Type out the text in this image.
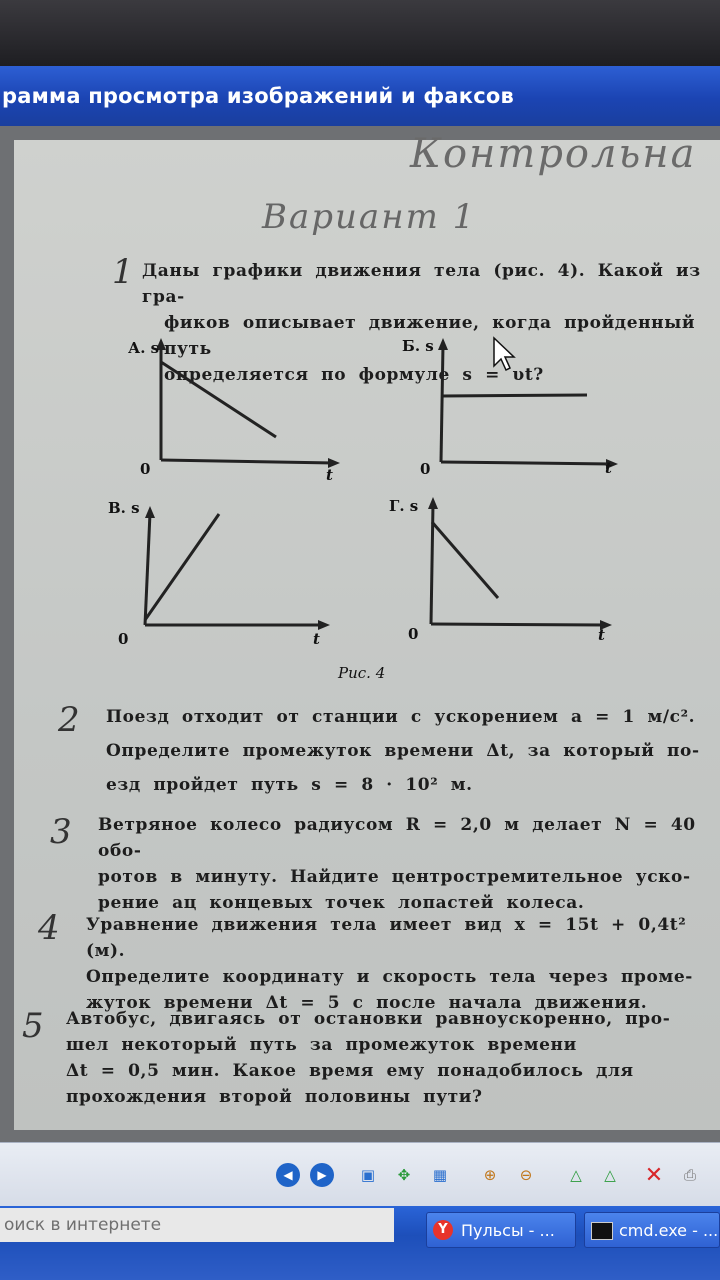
рамма просмотра изображений и факсов
Контрольна
Вариант 1
1 Даны графики движения тела (рис. 4). Какой из гра-
фиков описывает движение, когда пройденный путь
определяется по формуле s = υt?
А. s
0	t
Б. s
0	t
В. s
0	t
Г. s
0	t
Рис. 4
2 Поезд отходит от станции с ускорением a = 1 м/с².
Определите промежуток времени Δt, за который по-
езд пройдет путь s = 8 · 10² м.
3 Ветряное колесо радиусом R = 2,0 м делает N = 40 обо-
ротов в минуту. Найдите центростремительное уско-
рение aц концевых точек лопастей колеса.
4 Уравнение движения тела имеет вид x = 15t + 0,4t² (м).
Определите координату и скорость тела через проме-
жуток времени Δt = 5 с после начала движения.
5 Автобус, двигаясь от остановки равноускоренно, про-
шел некоторый путь за промежуток времени
Δt = 0,5 мин. Какое время ему понадобилось для
прохождения второй половины пути?
◀	▶	▣	✥	▦	⊕	⊖	△	△ ✕	⎙
оиск в интернете	Y Пульсы - ...	cmd.exe - ...
